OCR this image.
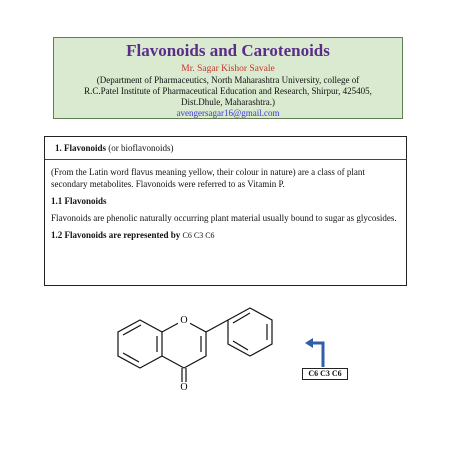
Flavonoids and Carotenoids
Mr. Sagar Kishor Savale
(Department of Pharmaceutics, North Maharashtra University, college of
R.C.Patel Institute of Pharmaceutical Education and Research, Shirpur, 425405,
Dist.Dhule, Maharashtra.)
avengersagar16@gmail.com

1. Flavonoids (or bioflavonoids)

(From the Latin word flavus meaning yellow, their colour in nature) are a class of plant secondary metabolites. Flavonoids were referred to as Vitamin P.

1.1 Flavonoids

Flavonoids are phenolic naturally occurring plant material usually bound to sugar as glycosides.

1.2 Flavonoids are represented by C6 C3 C6

O
O
C6 C3 C6
